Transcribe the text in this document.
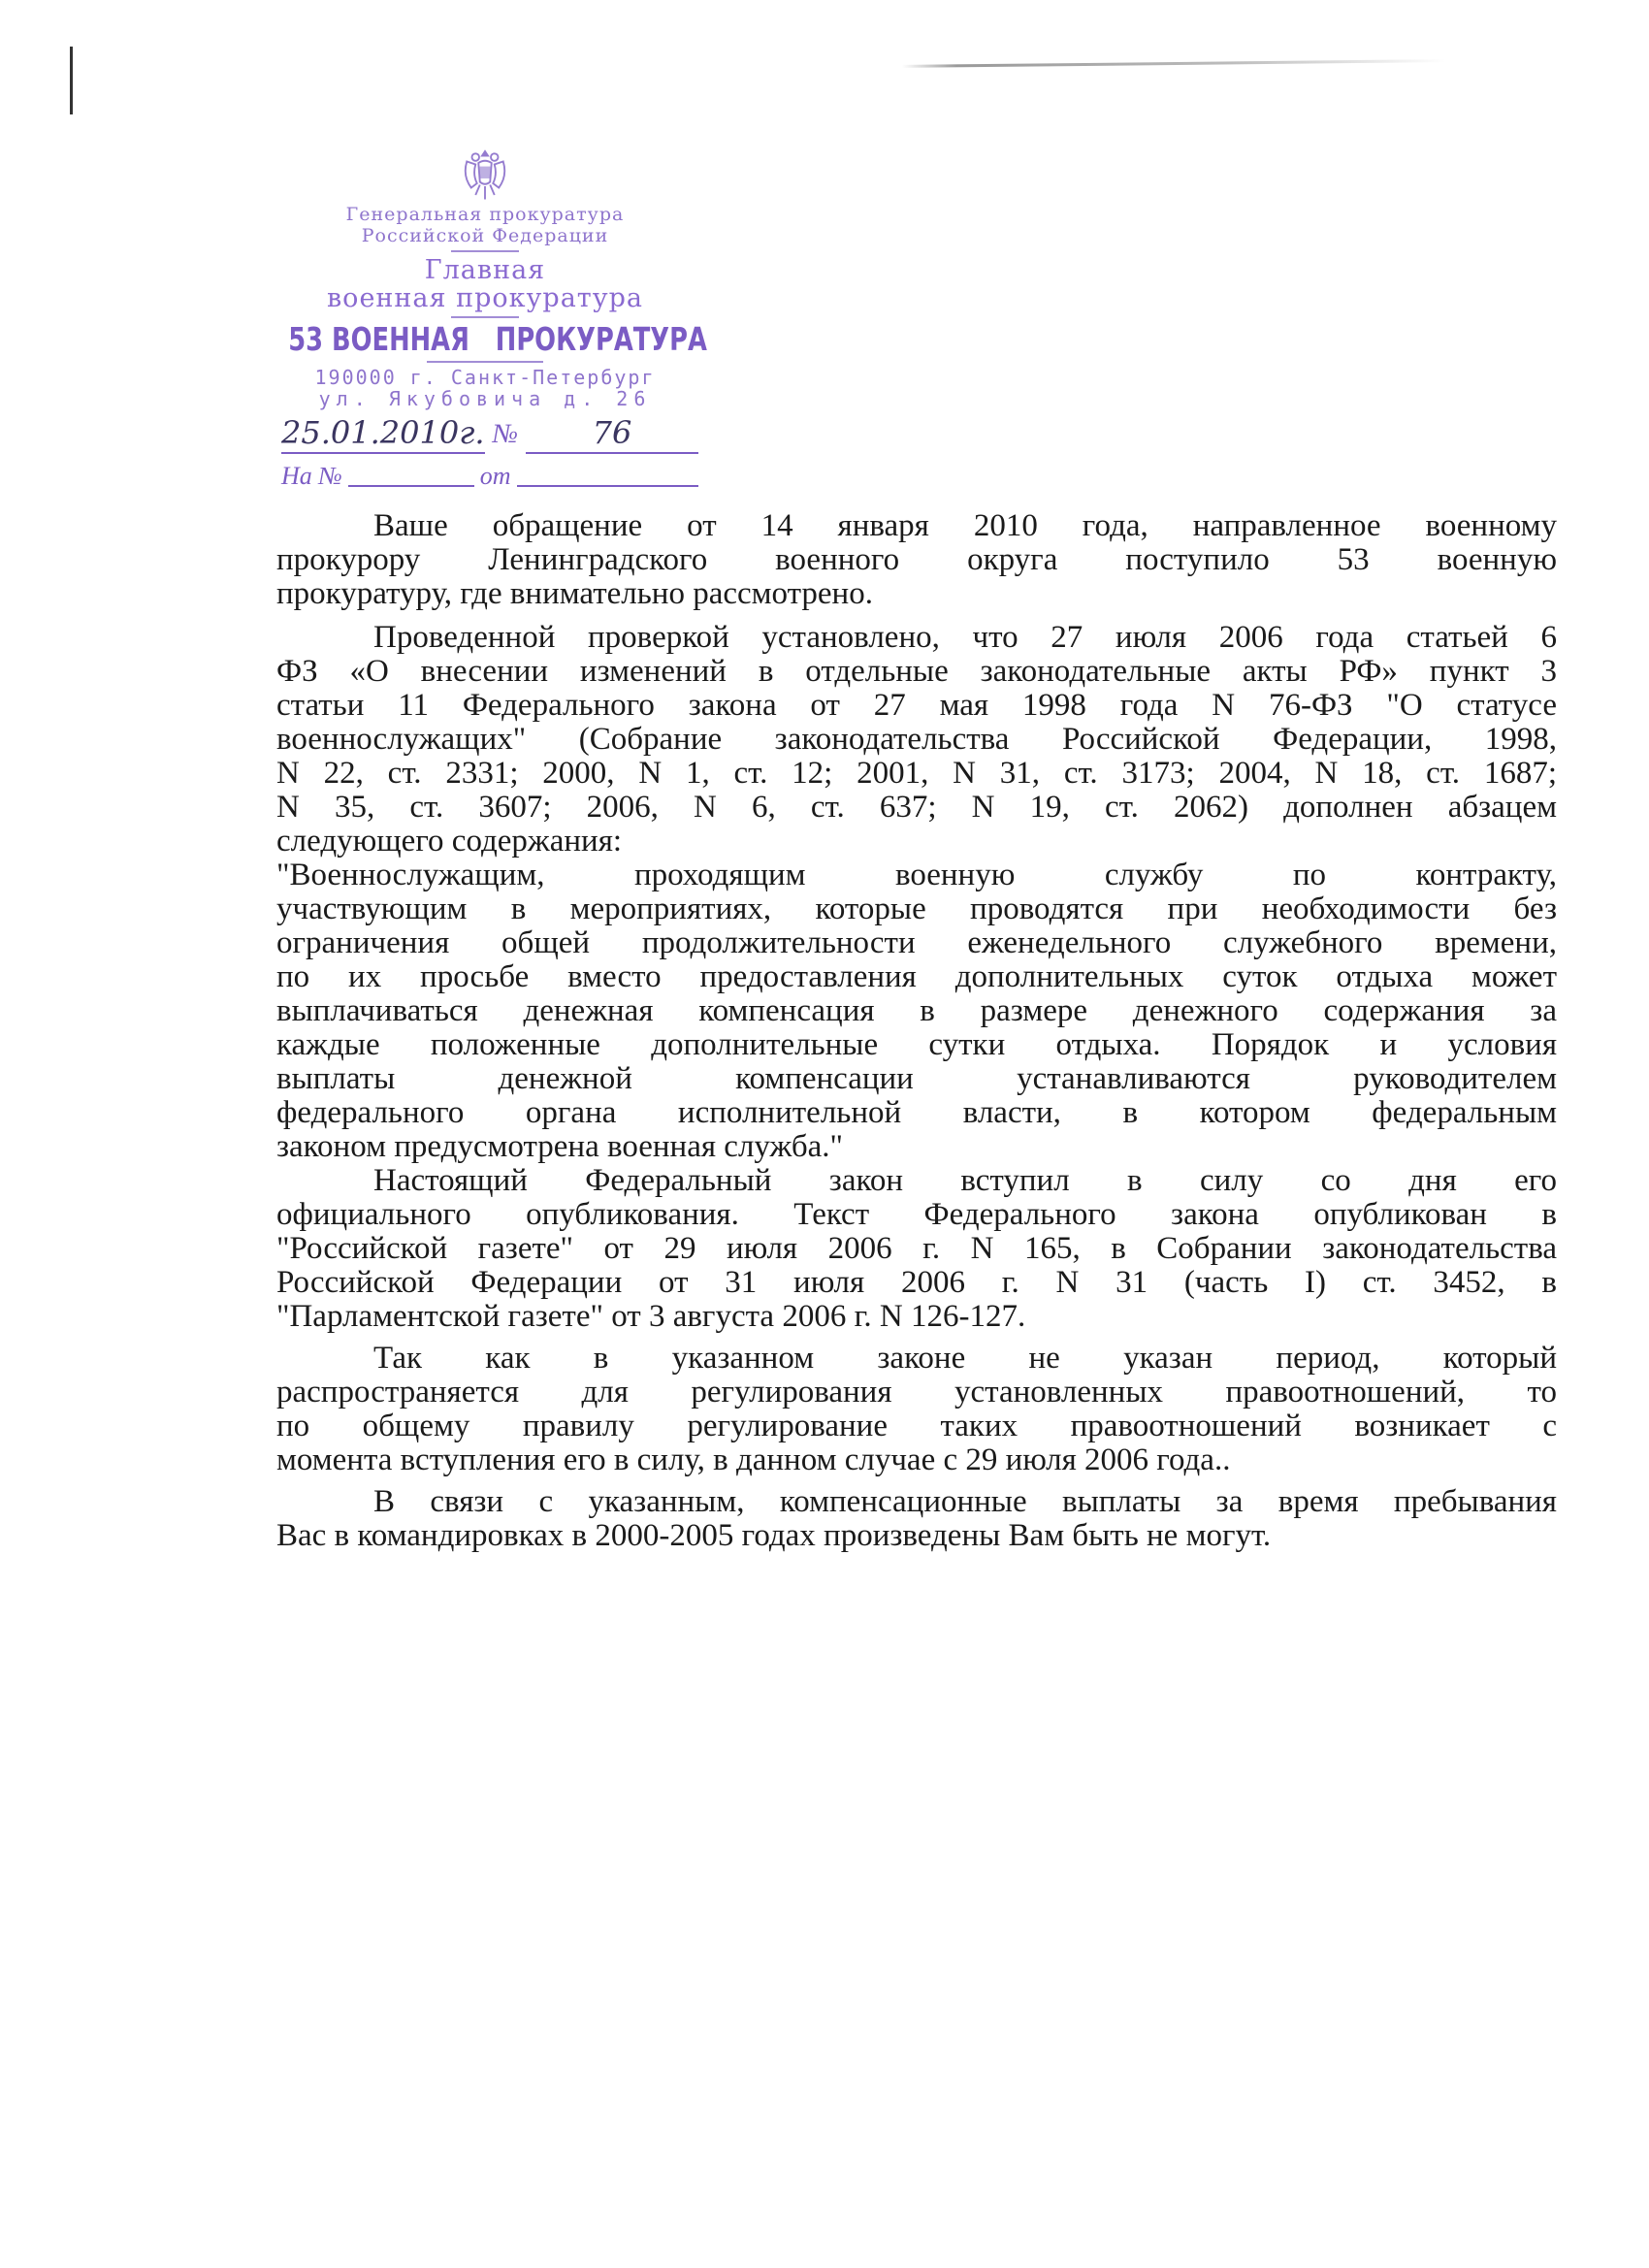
Генеральная прокуратура
Российской Федерации
Главная
военная прокуратура
53 ВОЕННАЯ   ПРОКУРАТУРА
190000 г. Санкт-Петербург
ул. Якубовича д. 26
25.01.2010г. №	76
На №	от
Ваше обращение от 14 января 2010 года, направленное военному
прокурору Ленинградского военного округа поступило 53 военную
прокуратуру, где внимательно рассмотрено.
Проведенной проверкой установлено, что 27 июля 2006 года статьей 6
ФЗ «О внесении изменений в отдельные законодательные акты РФ» пункт 3
статьи 11 Федерального закона от 27 мая 1998 года N 76-ФЗ "О статусе
военнослужащих" (Собрание законодательства Российской Федерации, 1998,
N 22, ст. 2331; 2000, N 1, ст. 12; 2001, N 31, ст. 3173; 2004, N 18, ст. 1687;
N 35, ст. 3607; 2006, N 6, ст. 637; N 19, ст. 2062) дополнен абзацем
следующего содержания:
"Военнослужащим, проходящим военную службу по контракту,
участвующим в мероприятиях, которые проводятся при необходимости без
ограничения общей продолжительности еженедельного служебного времени,
по их просьбе вместо предоставления дополнительных суток отдыха может
выплачиваться денежная компенсация в размере денежного содержания за
каждые положенные дополнительные сутки отдыха. Порядок и условия
выплаты денежной компенсации устанавливаются руководителем
федерального органа исполнительной власти, в котором федеральным
законом предусмотрена военная служба."
Настоящий Федеральный закон вступил в силу со дня его
официального опубликования. Текст Федерального закона опубликован в
"Российской газете" от 29 июля 2006 г. N 165, в Собрании законодательства
Российской Федерации от 31 июля 2006 г. N 31 (часть I) ст. 3452, в
"Парламентской газете" от 3 августа 2006 г. N 126-127.
Так как в указанном законе не указан период, который
распространяется для регулирования установленных правоотношений, то
по общему правилу регулирование таких правоотношений возникает с
момента вступления его в силу, в данном случае с 29 июля 2006 года..
В связи с указанным, компенсационные выплаты за время пребывания
Вас в командировках в 2000-2005 годах произведены Вам быть не могут.
